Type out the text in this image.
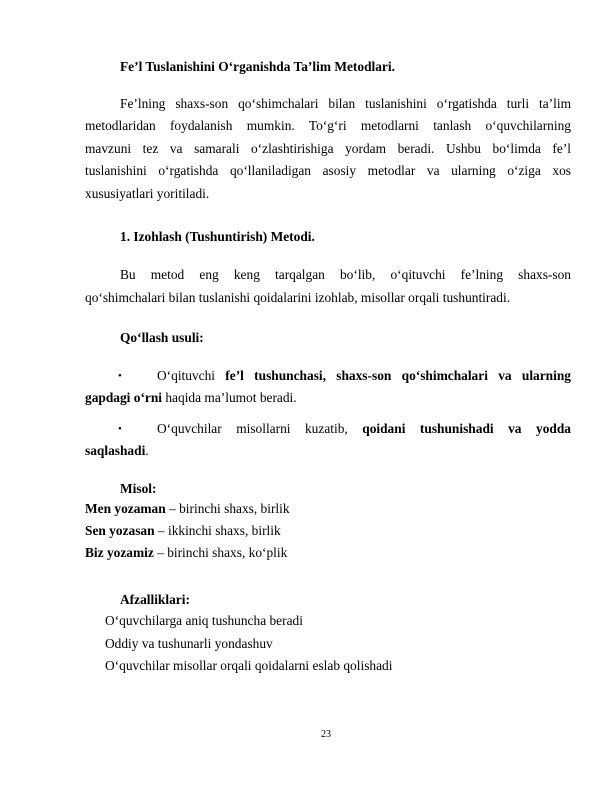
Fe’l Tuslanishini O‘rganishda Ta’lim Metodlari.
Fe’lning shaxs-son qo‘shimchalari bilan tuslanishini o‘rgatishda turli ta’lim
metodlaridan foydalanish mumkin. To‘g‘ri metodlarni tanlash o‘quvchilarning
mavzuni tez va samarali o‘zlashtirishiga yordam beradi. Ushbu bo‘limda fe’l
tuslanishini o‘rgatishda qo‘llaniladigan asosiy metodlar va ularning o‘ziga xos
xususiyatlari yoritiladi.
1. Izohlash (Tushuntirish) Metodi.
Bu metod eng keng tarqalgan bo‘lib, o‘qituvchi fe’lning shaxs-son
qo‘shimchalari bilan tuslanishi qoidalarini izohlab, misollar orqali tushuntiradi.
Qo‘llash usuli:
•	O‘qituvchi fe’l tushunchasi, shaxs-son qo‘shimchalari va ularning gapdagi o‘rni haqida ma’lumot beradi.
•	O‘quvchilar misollarni kuzatib, qoidani tushunishadi va yodda saqlashadi.
Misol:
Men yozaman – birinchi shaxs, birlik
Sen yozasan – ikkinchi shaxs, birlik
Biz yozamiz – birinchi shaxs, ko‘plik
Afzalliklari:
O‘quvchilarga aniq tushuncha beradi
Oddiy va tushunarli yondashuv
O‘quvchilar misollar orqali qoidalarni eslab qolishadi
23
